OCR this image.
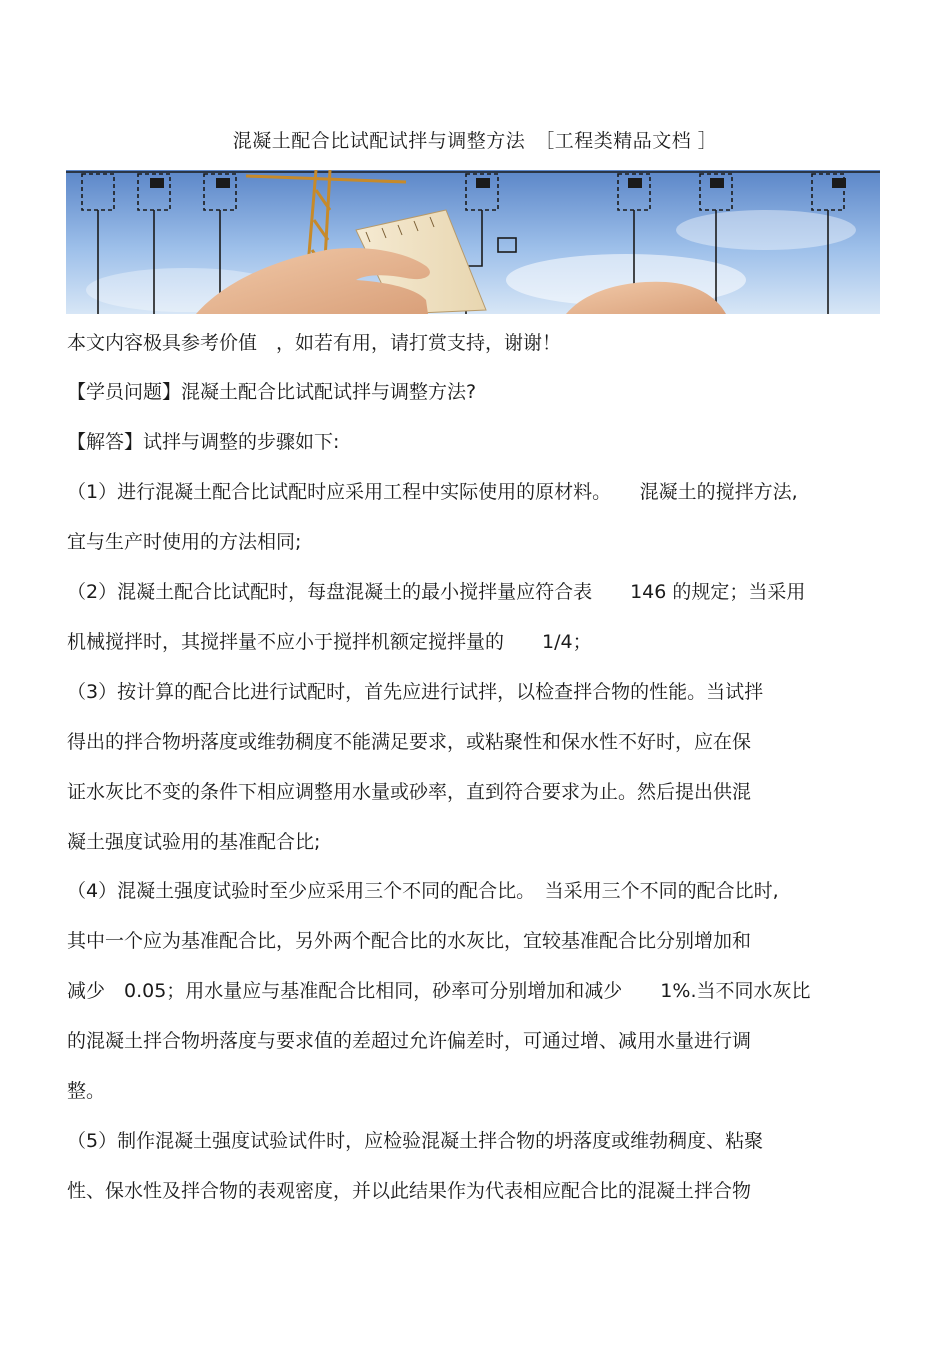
混凝土配合比试配试拌与调整方法　［工程类精品文档 ］
本文内容极具参考价值　，如若有用，请打赏支持，谢谢！
【学员问题】混凝土配合比试配试拌与调整方法?
【解答】试拌与调整的步骤如下:
（1）进行混凝土配合比试配时应采用工程中实际使用的原材料。　　混凝土的搅拌方法,
宜与生产时使用的方法相同;
（2）混凝土配合比试配时，每盘混凝土的最小搅拌量应符合表　　146 的规定；当采用
机械搅拌时，其搅拌量不应小于搅拌机额定搅拌量的　　1/4；
（3）按计算的配合比进行试配时，首先应进行试拌，以检查拌合物的性能。当试拌
得出的拌合物坍落度或维勃稠度不能满足要求，或粘聚性和保水性不好时，应在保
证水灰比不变的条件下相应调整用水量或砂率，直到符合要求为止。然后提出供混
凝土强度试验用的基准配合比;
（4）混凝土强度试验时至少应采用三个不同的配合比。　当采用三个不同的配合比时,
其中一个应为基准配合比，另外两个配合比的水灰比，宜较基准配合比分别增加和
减少　0.05；用水量应与基准配合比相同，砂率可分别增加和减少　　1%.当不同水灰比
的混凝土拌合物坍落度与要求值的差超过允许偏差时，可通过增、减用水量进行调
整。
（5）制作混凝土强度试验试件时，应检验混凝土拌合物的坍落度或维勃稠度、粘聚
性、保水性及拌合物的表观密度，并以此结果作为代表相应配合比的混凝土拌合物
